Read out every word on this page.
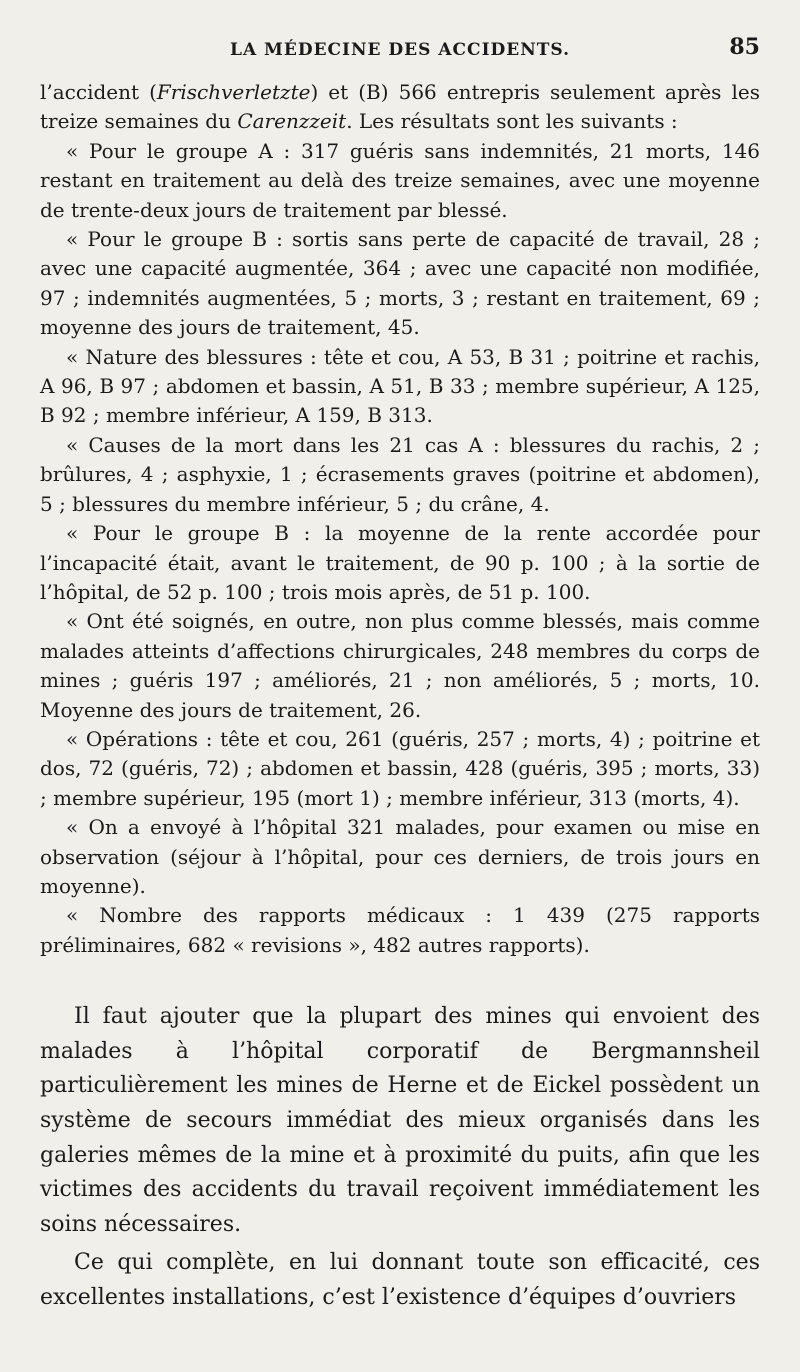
LA MÉDECINE DES ACCIDENTS.	85

l’accident (Frischverletzte) et (B) 566 entrepris seulement après les treize semaines du Carenzzeit. Les résultats sont les suivants :

« Pour le groupe A : 317 guéris sans indemnités, 21 morts, 146 restant en traitement au delà des treize semaines, avec une moyenne de trente-deux jours de traitement par blessé.

« Pour le groupe B : sortis sans perte de capacité de travail, 28 ; avec une capacité augmentée, 364 ; avec une capacité non modifiée, 97 ; indemnités augmentées, 5 ; morts, 3 ; restant en traitement, 69 ; moyenne des jours de traitement, 45.

« Nature des blessures : tête et cou, A 53, B 31 ; poitrine et rachis, A 96, B 97 ; abdomen et bassin, A 51, B 33 ; membre supérieur, A 125, B 92 ; membre inférieur, A 159, B 313.

« Causes de la mort dans les 21 cas A : blessures du rachis, 2 ; brûlures, 4 ; asphyxie, 1 ; écrasements graves (poitrine et abdomen), 5 ; blessures du membre inférieur, 5 ; du crâne, 4.

« Pour le groupe B : la moyenne de la rente accordée pour l’incapacité était, avant le traitement, de 90 p. 100 ; à la sortie de l’hôpital, de 52 p. 100 ; trois mois après, de 51 p. 100.

« Ont été soignés, en outre, non plus comme blessés, mais comme malades atteints d’affections chirurgicales, 248 membres du corps de mines ; guéris 197 ; améliorés, 21 ; non améliorés, 5 ; morts, 10. Moyenne des jours de traitement, 26.

« Opérations : tête et cou, 261 (guéris, 257 ; morts, 4) ; poitrine et dos, 72 (guéris, 72) ; abdomen et bassin, 428 (guéris, 395 ; morts, 33) ; membre supérieur, 195 (mort 1) ; membre inférieur, 313 (morts, 4).

« On a envoyé à l’hôpital 321 malades, pour examen ou mise en observation (séjour à l’hôpital, pour ces derniers, de trois jours en moyenne).

« Nombre des rapports médicaux : 1 439 (275 rapports préliminaires, 682 « revisions », 482 autres rapports).

Il faut ajouter que la plupart des mines qui envoient des malades à l’hôpital corporatif de Bergmannsheil particulièrement les mines de Herne et de Eickel possèdent un système de secours immédiat des mieux organisés dans les galeries mêmes de la mine et à proximité du puits, afin que les victimes des accidents du travail reçoivent immédiatement les soins nécessaires.

Ce qui complète, en lui donnant toute son efficacité, ces excellentes installations, c’est l’existence d’équipes d’ouvriers
